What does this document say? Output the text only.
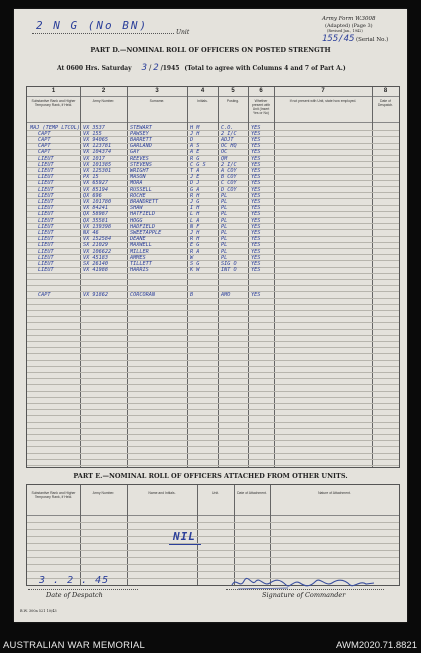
2 N G (No BN)
Unit
Army Form W.3008
(Adapted) (Page 3)
(Revised Jan., 1942)
155/45 (Serial No.)
PART D.—NOMINAL ROLL OF OFFICERS ON POSTED STRENGTH
At 0600 Hrs. Saturday 3 / 2 /1945 (Total to agree with Columns 4 and 7 of Part A.)
1	2	3	4	5	6	7	8
Substantive Rank and Higher Temporary Rank, if Held.
Army Number.	Surname.	Initials.	Posting.	Whether present with Unit (Insert Yes or No)
If not present with Unit, state how employed.	Date of Despatch.
MAJ (TEMP LTCOL) VX 3537	STEWART	H M	C.O.	YES
CAPT	VX 155	PAWSEY	J H	2 I/C	YES
CAPT	VX 94065	BARRETT	D	ADJT	YES
CAPT	VX 123781	GARLAND	A S	OC HQ	YES
CAPT	VX 104374	GAY	A E	OC	YES
LIEUT	VX 1017	REEVES	R G	QM	YES
LIEUT	VX 101385	STEVENS	C G S	2 I/C	YES
LIEUT	VX 125301	WRIGHT	T A	A COY	YES
LIEUT	PX 15	MASON	J E	B COY	YES
LIEUT	VX 65927	MORA	D J	C COY	YES
LIEUT	VX 85194	RUSSELL	G A	D COY	YES
LIEUT	QX 696	ROCHE	R H	PL	YES
LIEUT	VX 101780	BRANDRETT	J G	PL	YES
LIEUT	VX 84241	SHAW	I H	PL	YES
LIEUT	QX 58987	HATFIELD	L H	PL	YES
LIEUT	QX 35581	HOGG	L A	PL	YES
LIEUT	VX 139398	HADFIELD	N F	PL	YES
LIEUT	NX 46	SWEETAPPLE	J H	PL	YES
LIEUT	VX 152584	DEANE	R H	PL	YES
LIEUT	SX 21029	MAXWELL	E G	PL	YES
LIEUT	VX 106622	MILLER	R A	PL	YES
LIEUT	VX 45183	AMMES	W	PL	YES
LIEUT	SX 26140	TILLETT	S G	SIG O	YES
LIEUT	VX 41988	HARRIS	K W	INT O	YES
CAPT	VX 91862	CORCORAN	B	AMO	YES
PART E.—NOMINAL ROLL OF OFFICERS ATTACHED FROM OTHER UNITS.
Substantive Rank and Higher Temporary Rank, if Held.
Army Number.	Name and Initials.	Unit.	Date of Attachment.	Nature of Attachment.
NIL
3 . 2 . 45
Date of Despatch	Signature of Commander
B.W. 300a 521 10/43
AUSTRALIAN WAR MEMORIAL	AWM2020.71.8821
